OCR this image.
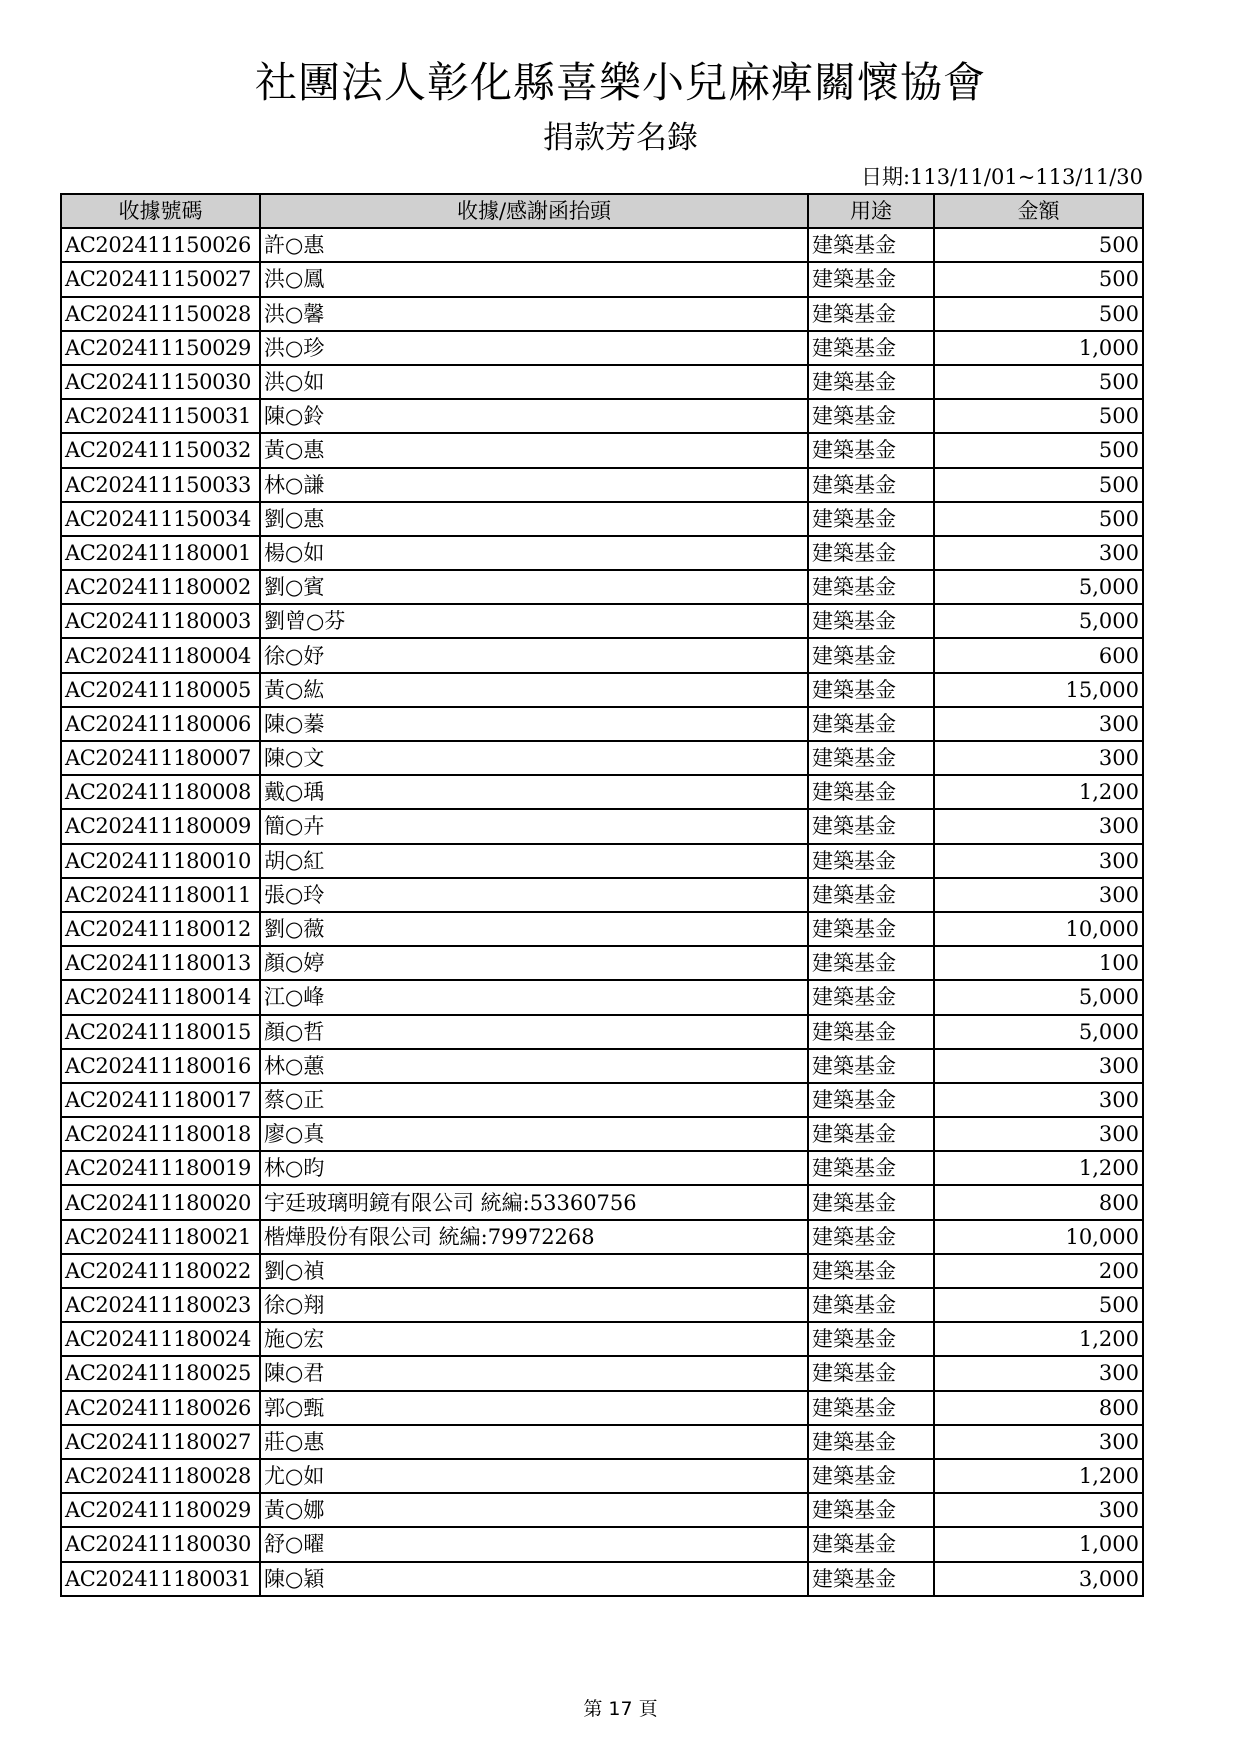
社團法人彰化縣喜樂小兒麻痺關懷協會
捐款芳名錄
日期:113/11/01~113/11/30
收據號碼	收據/感謝函抬頭	用途	金額
AC202411150026	許○惠	建築基金	500
AC202411150027	洪○鳳	建築基金	500
AC202411150028	洪○馨	建築基金	500
AC202411150029	洪○珍	建築基金	1,000
AC202411150030	洪○如	建築基金	500
AC202411150031	陳○鈴	建築基金	500
AC202411150032	黃○惠	建築基金	500
AC202411150033	林○謙	建築基金	500
AC202411150034	劉○惠	建築基金	500
AC202411180001	楊○如	建築基金	300
AC202411180002	劉○賓	建築基金	5,000
AC202411180003	劉曾○芬	建築基金	5,000
AC202411180004	徐○妤	建築基金	600
AC202411180005	黃○紘	建築基金	15,000
AC202411180006	陳○蓁	建築基金	300
AC202411180007	陳○文	建築基金	300
AC202411180008	戴○瑀	建築基金	1,200
AC202411180009	簡○卉	建築基金	300
AC202411180010	胡○紅	建築基金	300
AC202411180011	張○玲	建築基金	300
AC202411180012	劉○薇	建築基金	10,000
AC202411180013	顏○婷	建築基金	100
AC202411180014	江○峰	建築基金	5,000
AC202411180015	顏○哲	建築基金	5,000
AC202411180016	林○蕙	建築基金	300
AC202411180017	蔡○正	建築基金	300
AC202411180018	廖○真	建築基金	300
AC202411180019	林○昀	建築基金	1,200
AC202411180020	宇廷玻璃明鏡有限公司 統編:53360756	建築基金	800
AC202411180021	楷燁股份有限公司 統編:79972268	建築基金	10,000
AC202411180022	劉○禎	建築基金	200
AC202411180023	徐○翔	建築基金	500
AC202411180024	施○宏	建築基金	1,200
AC202411180025	陳○君	建築基金	300
AC202411180026	郭○甄	建築基金	800
AC202411180027	莊○惠	建築基金	300
AC202411180028	尤○如	建築基金	1,200
AC202411180029	黃○娜	建築基金	300
AC202411180030	舒○曜	建築基金	1,000
AC202411180031	陳○穎	建築基金	3,000
第 17 頁
